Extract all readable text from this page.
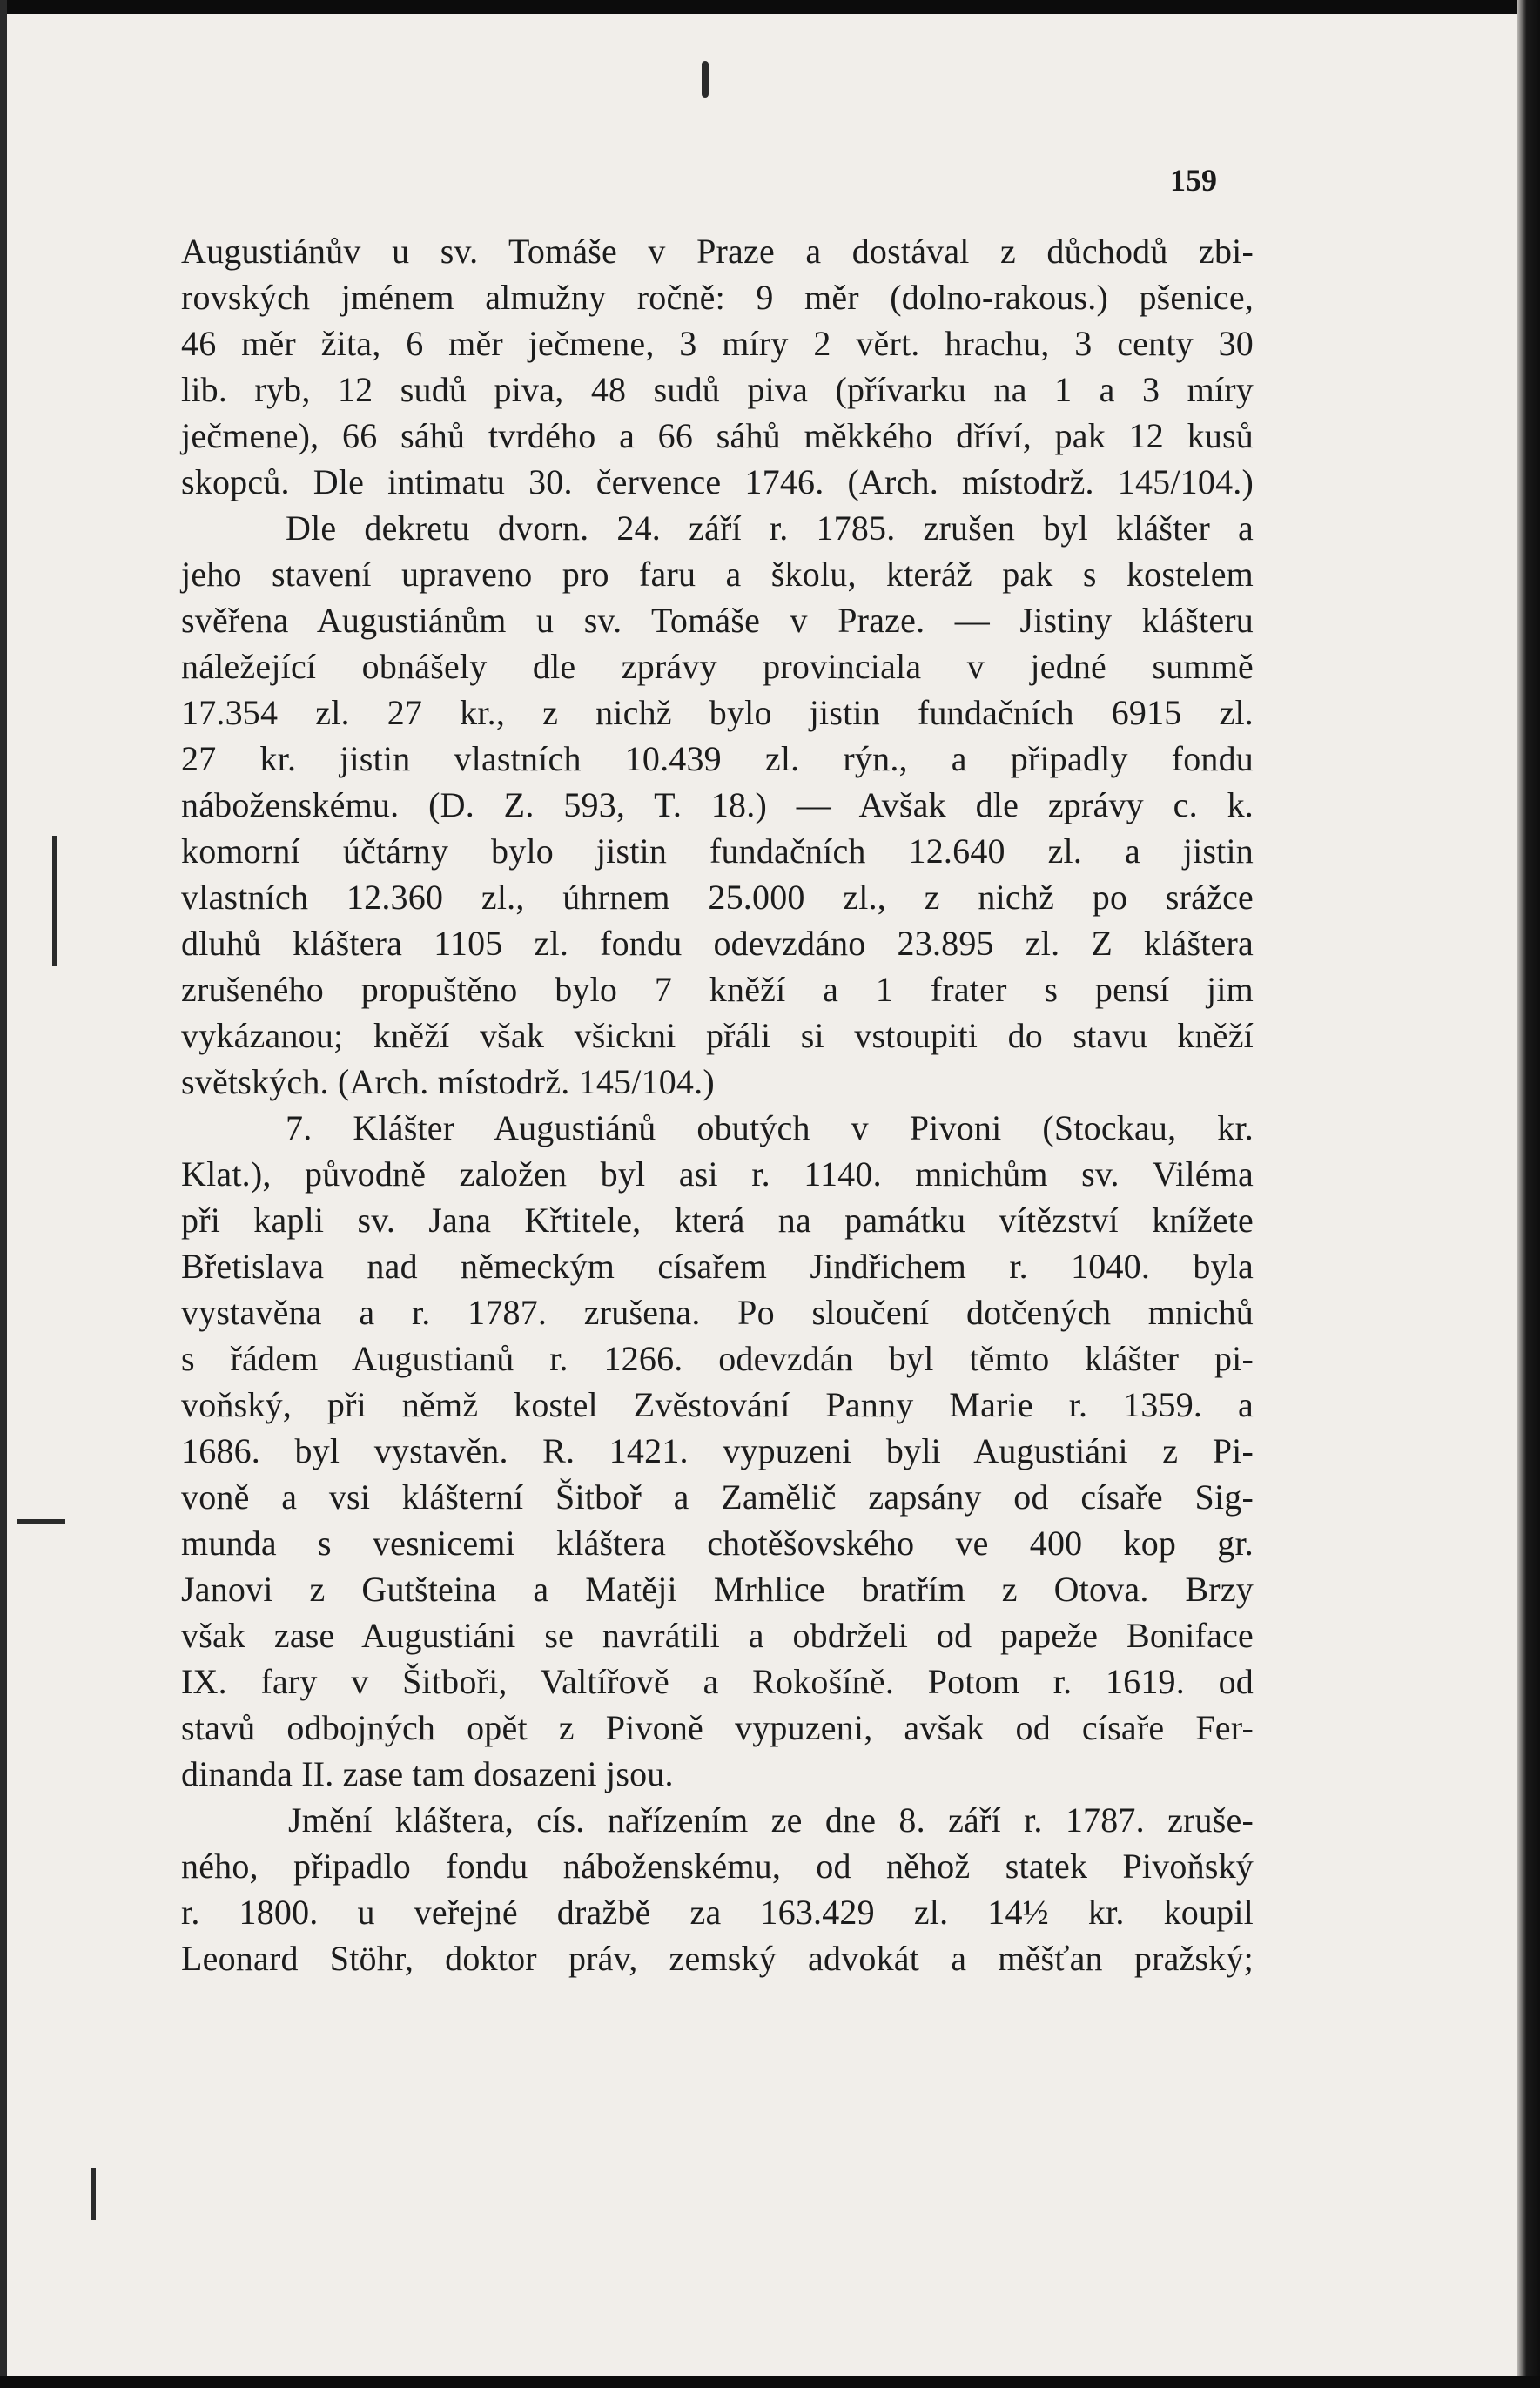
159
Augustiánův u sv. Tomáše v Praze a dostával z důchodů zbi-
rovských jménem almužny ročně: 9 měr (dolno-rakous.) pšenice,
46 měr žita, 6 měr ječmene, 3 míry 2 věrt. hrachu, 3 centy 30
lib. ryb, 12 sudů piva, 48 sudů piva (přívarku na 1 a 3 míry
ječmene), 66 sáhů tvrdého a 66 sáhů měkkého dříví, pak 12 kusů
skopců. Dle intimatu 30. července 1746. (Arch. místodrž. 145/104.)
Dle dekretu dvorn. 24. září r. 1785. zrušen byl klášter a
jeho stavení upraveno pro faru a školu, kteráž pak s kostelem
svěřena Augustiánům u sv. Tomáše v Praze. — Jistiny klášteru
náležející obnášely dle zprávy provinciala v jedné summě
17.354 zl. 27 kr., z nichž bylo jistin fundačních 6915 zl.
27 kr. jistin vlastních 10.439 zl. rýn., a připadly fondu
náboženskému. (D. Z. 593, T. 18.) — Avšak dle zprávy c. k.
komorní účtárny bylo jistin fundačních 12.640 zl. a jistin
vlastních 12.360 zl., úhrnem 25.000 zl., z nichž po srážce
dluhů kláštera 1105 zl. fondu odevzdáno 23.895 zl. Z kláštera
zrušeného propuštěno bylo 7 kněží a 1 frater s pensí jim
vykázanou; kněží však všickni přáli si vstoupiti do stavu kněží
světských. (Arch. místodrž. 145/104.)
7. Klášter Augustiánů obutých v Pivoni (Stockau, kr.
Klat.), původně založen byl asi r. 1140. mnichům sv. Viléma
při kapli sv. Jana Křtitele, která na památku vítězství knížete
Břetislava nad německým císařem Jindřichem r. 1040. byla
vystavěna a r. 1787. zrušena. Po sloučení dotčených mnichů
s řádem Augustianů r. 1266. odevzdán byl těmto klášter pi-
voňský, při němž kostel Zvěstování Panny Marie r. 1359. a
1686. byl vystavěn. R. 1421. vypuzeni byli Augustiáni z Pi-
voně a vsi klášterní Šitboř a Zamělič zapsány od císaře Sig-
munda s vesnicemi kláštera chotěšovského ve 400 kop gr.
Janovi z Gutšteina a Matěji Mrhlice bratřím z Otova. Brzy
však zase Augustiáni se navrátili a obdrželi od papeže Boniface
IX. fary v Šitboři, Valtířově a Rokošíně. Potom r. 1619. od
stavů odbojných opět z Pivoně vypuzeni, avšak od císaře Fer-
dinanda II. zase tam dosazeni jsou.
Jmění kláštera, cís. nařízením ze dne 8. září r. 1787. zruše-
ného, připadlo fondu náboženskému, od něhož statek Pivoňský
r. 1800. u veřejné dražbě za 163.429 zl. 14½ kr. koupil
Leonard Stöhr, doktor práv, zemský advokát a měšťan pražský;
